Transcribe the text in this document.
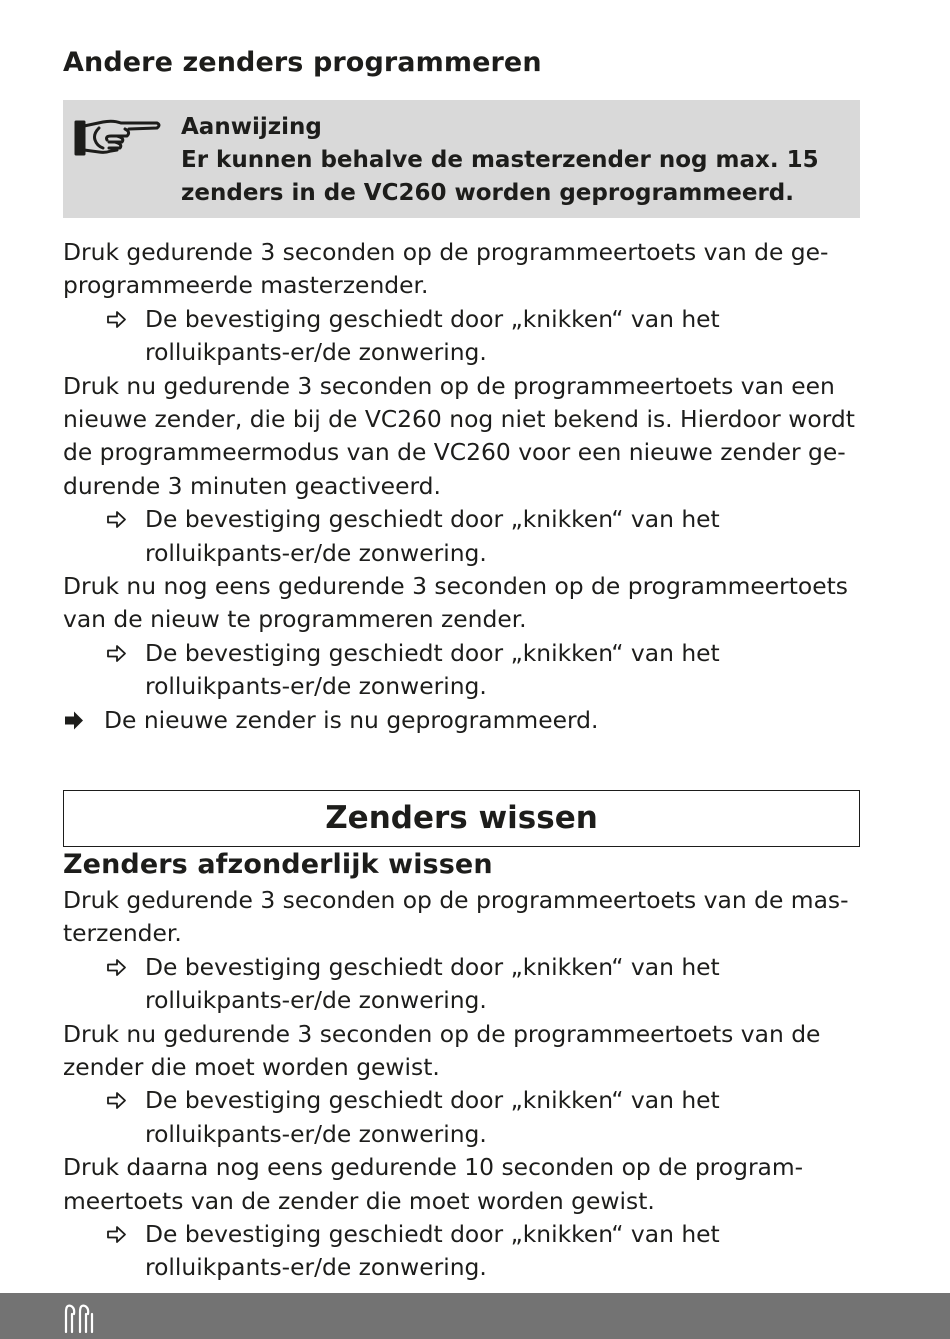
Andere zenders programmeren
Aanwijzing
Er kunnen behalve de masterzender nog max. 15 zenders in de VC260 worden geprogrammeerd.

Druk gedurende 3 seconden op de programmeertoets van de ge-programmeerde masterzender.

De bevestiging geschiedt door „knikken“ van het rolluikpants-er/de zonwering.

Druk nu gedurende 3 seconden op de programmeertoets van een nieuwe zender, die bij de VC260 nog niet bekend is. Hierdoor wordt de programmeermodus van de VC260 voor een nieuwe zender ge-durende 3 minuten geactiveerd.

De bevestiging geschiedt door „knikken“ van het rolluikpants-er/de zonwering.

Druk nu nog eens gedurende 3 seconden op de programmeertoets van de nieuw te programmeren zender.

De bevestiging geschiedt door „knikken“ van het rolluikpants-er/de zonwering.

De nieuwe zender is nu geprogrammeerd.

Zenders wissen
Zenders afzonderlijk wissen

Druk gedurende 3 seconden op de programmeertoets van de mas-terzender.

De bevestiging geschiedt door „knikken“ van het rolluikpants-er/de zonwering.

Druk nu gedurende 3 seconden op de programmeertoets van de zender die moet worden gewist.

De bevestiging geschiedt door „knikken“ van het rolluikpants-er/de zonwering.

Druk daarna nog eens gedurende 10 seconden op de program-meertoets van de zender die moet worden gewist.

De bevestiging geschiedt door „knikken“ van het rolluikpants-er/de zonwering.
